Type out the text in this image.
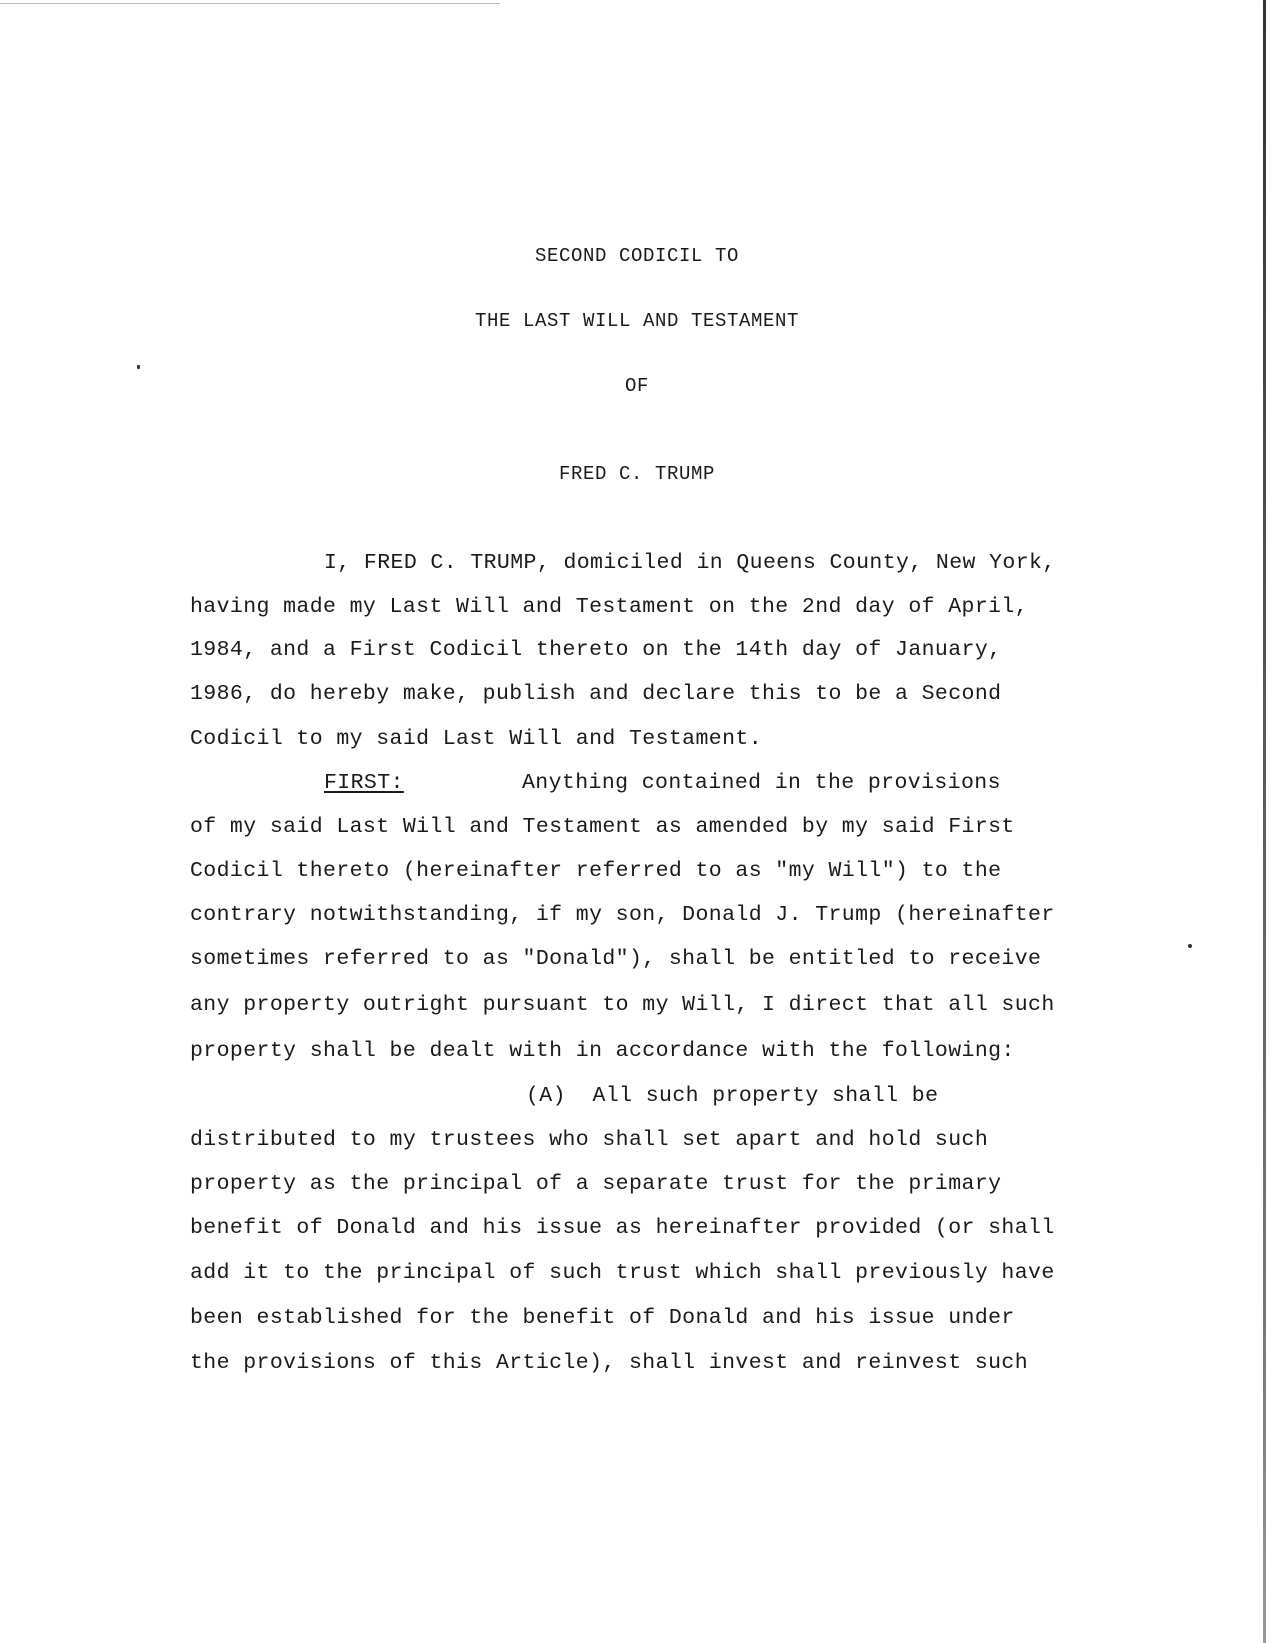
SECOND CODICIL TO
THE LAST WILL AND TESTAMENT
OF
FRED C. TRUMP
I, FRED C. TRUMP, domiciled in Queens County, New York,
having made my Last Will and Testament on the 2nd day of April,
1984, and a First Codicil thereto on the 14th day of January,
1986, do hereby make, publish and declare this to be a Second
Codicil to my said Last Will and Testament.
FIRST:	Anything contained in the provisions
of my said Last Will and Testament as amended by my said First
Codicil thereto (hereinafter referred to as "my Will") to the
contrary notwithstanding, if my son, Donald J. Trump (hereinafter
sometimes referred to as "Donald"), shall be entitled to receive
any property outright pursuant to my Will, I direct that all such
property shall be dealt with in accordance with the following:
(A)  All such property shall be
distributed to my trustees who shall set apart and hold such
property as the principal of a separate trust for the primary
benefit of Donald and his issue as hereinafter provided (or shall
add it to the principal of such trust which shall previously have
been established for the benefit of Donald and his issue under
the provisions of this Article), shall invest and reinvest such
